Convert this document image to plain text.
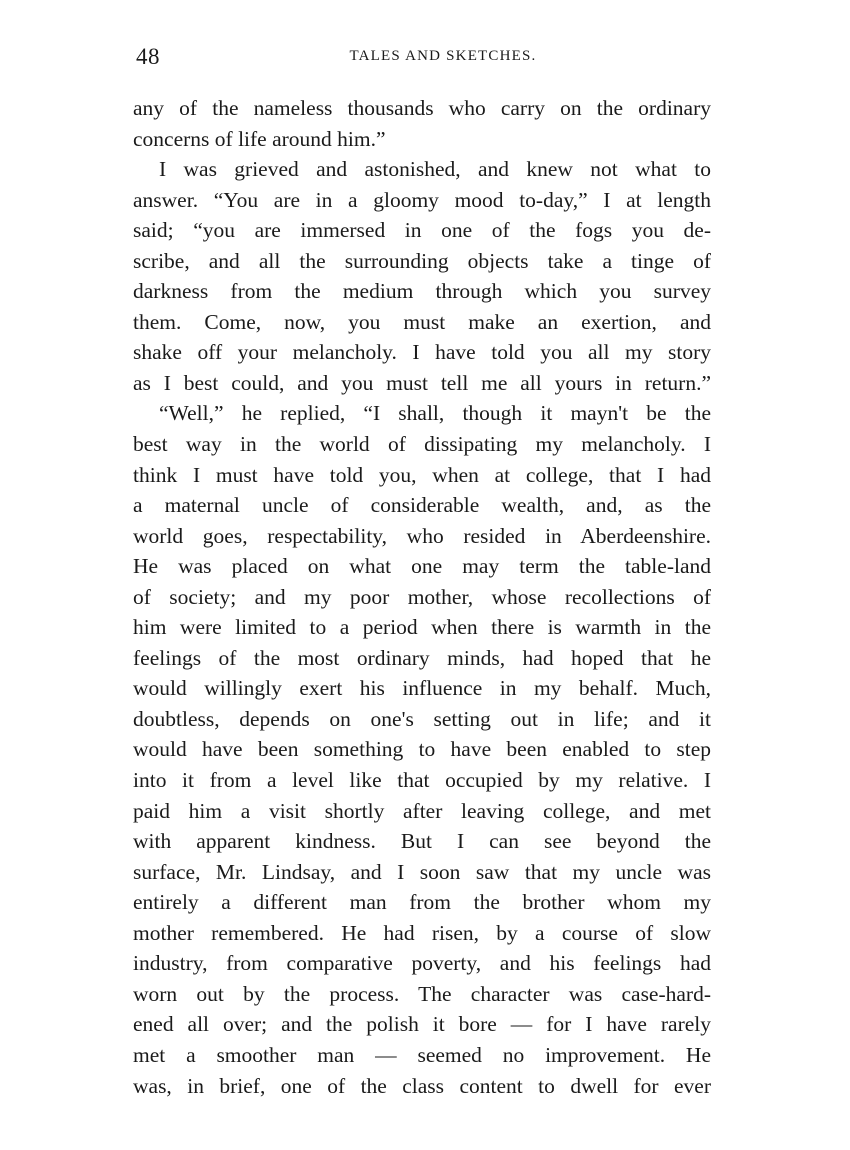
48	TALES AND SKETCHES.
any of the nameless thousands who carry on the ordinary
concerns of life around him.”
I was grieved and astonished, and knew not what to
answer. “You are in a gloomy mood to-day,” I at length
said; “you are immersed in one of the fogs you de-
scribe, and all the surrounding objects take a tinge of
darkness from the medium through which you survey
them. Come, now, you must make an exertion, and
shake off your melancholy. I have told you all my story
as I best could, and you must tell me all yours in return.”
“Well,” he replied, “I shall, though it mayn't be the
best way in the world of dissipating my melancholy. I
think I must have told you, when at college, that I had
a maternal uncle of considerable wealth, and, as the
world goes, respectability, who resided in Aberdeenshire.
He was placed on what one may term the table-land
of society; and my poor mother, whose recollections of
him were limited to a period when there is warmth in the
feelings of the most ordinary minds, had hoped that he
would willingly exert his influence in my behalf. Much,
doubtless, depends on one's setting out in life; and it
would have been something to have been enabled to step
into it from a level like that occupied by my relative. I
paid him a visit shortly after leaving college, and met
with apparent kindness. But I can see beyond the
surface, Mr. Lindsay, and I soon saw that my uncle was
entirely a different man from the brother whom my
mother remembered. He had risen, by a course of slow
industry, from comparative poverty, and his feelings had
worn out by the process. The character was case-hard-
ened all over; and the polish it bore — for I have rarely
met a smoother man — seemed no improvement. He
was, in brief, one of the class content to dwell for ever
